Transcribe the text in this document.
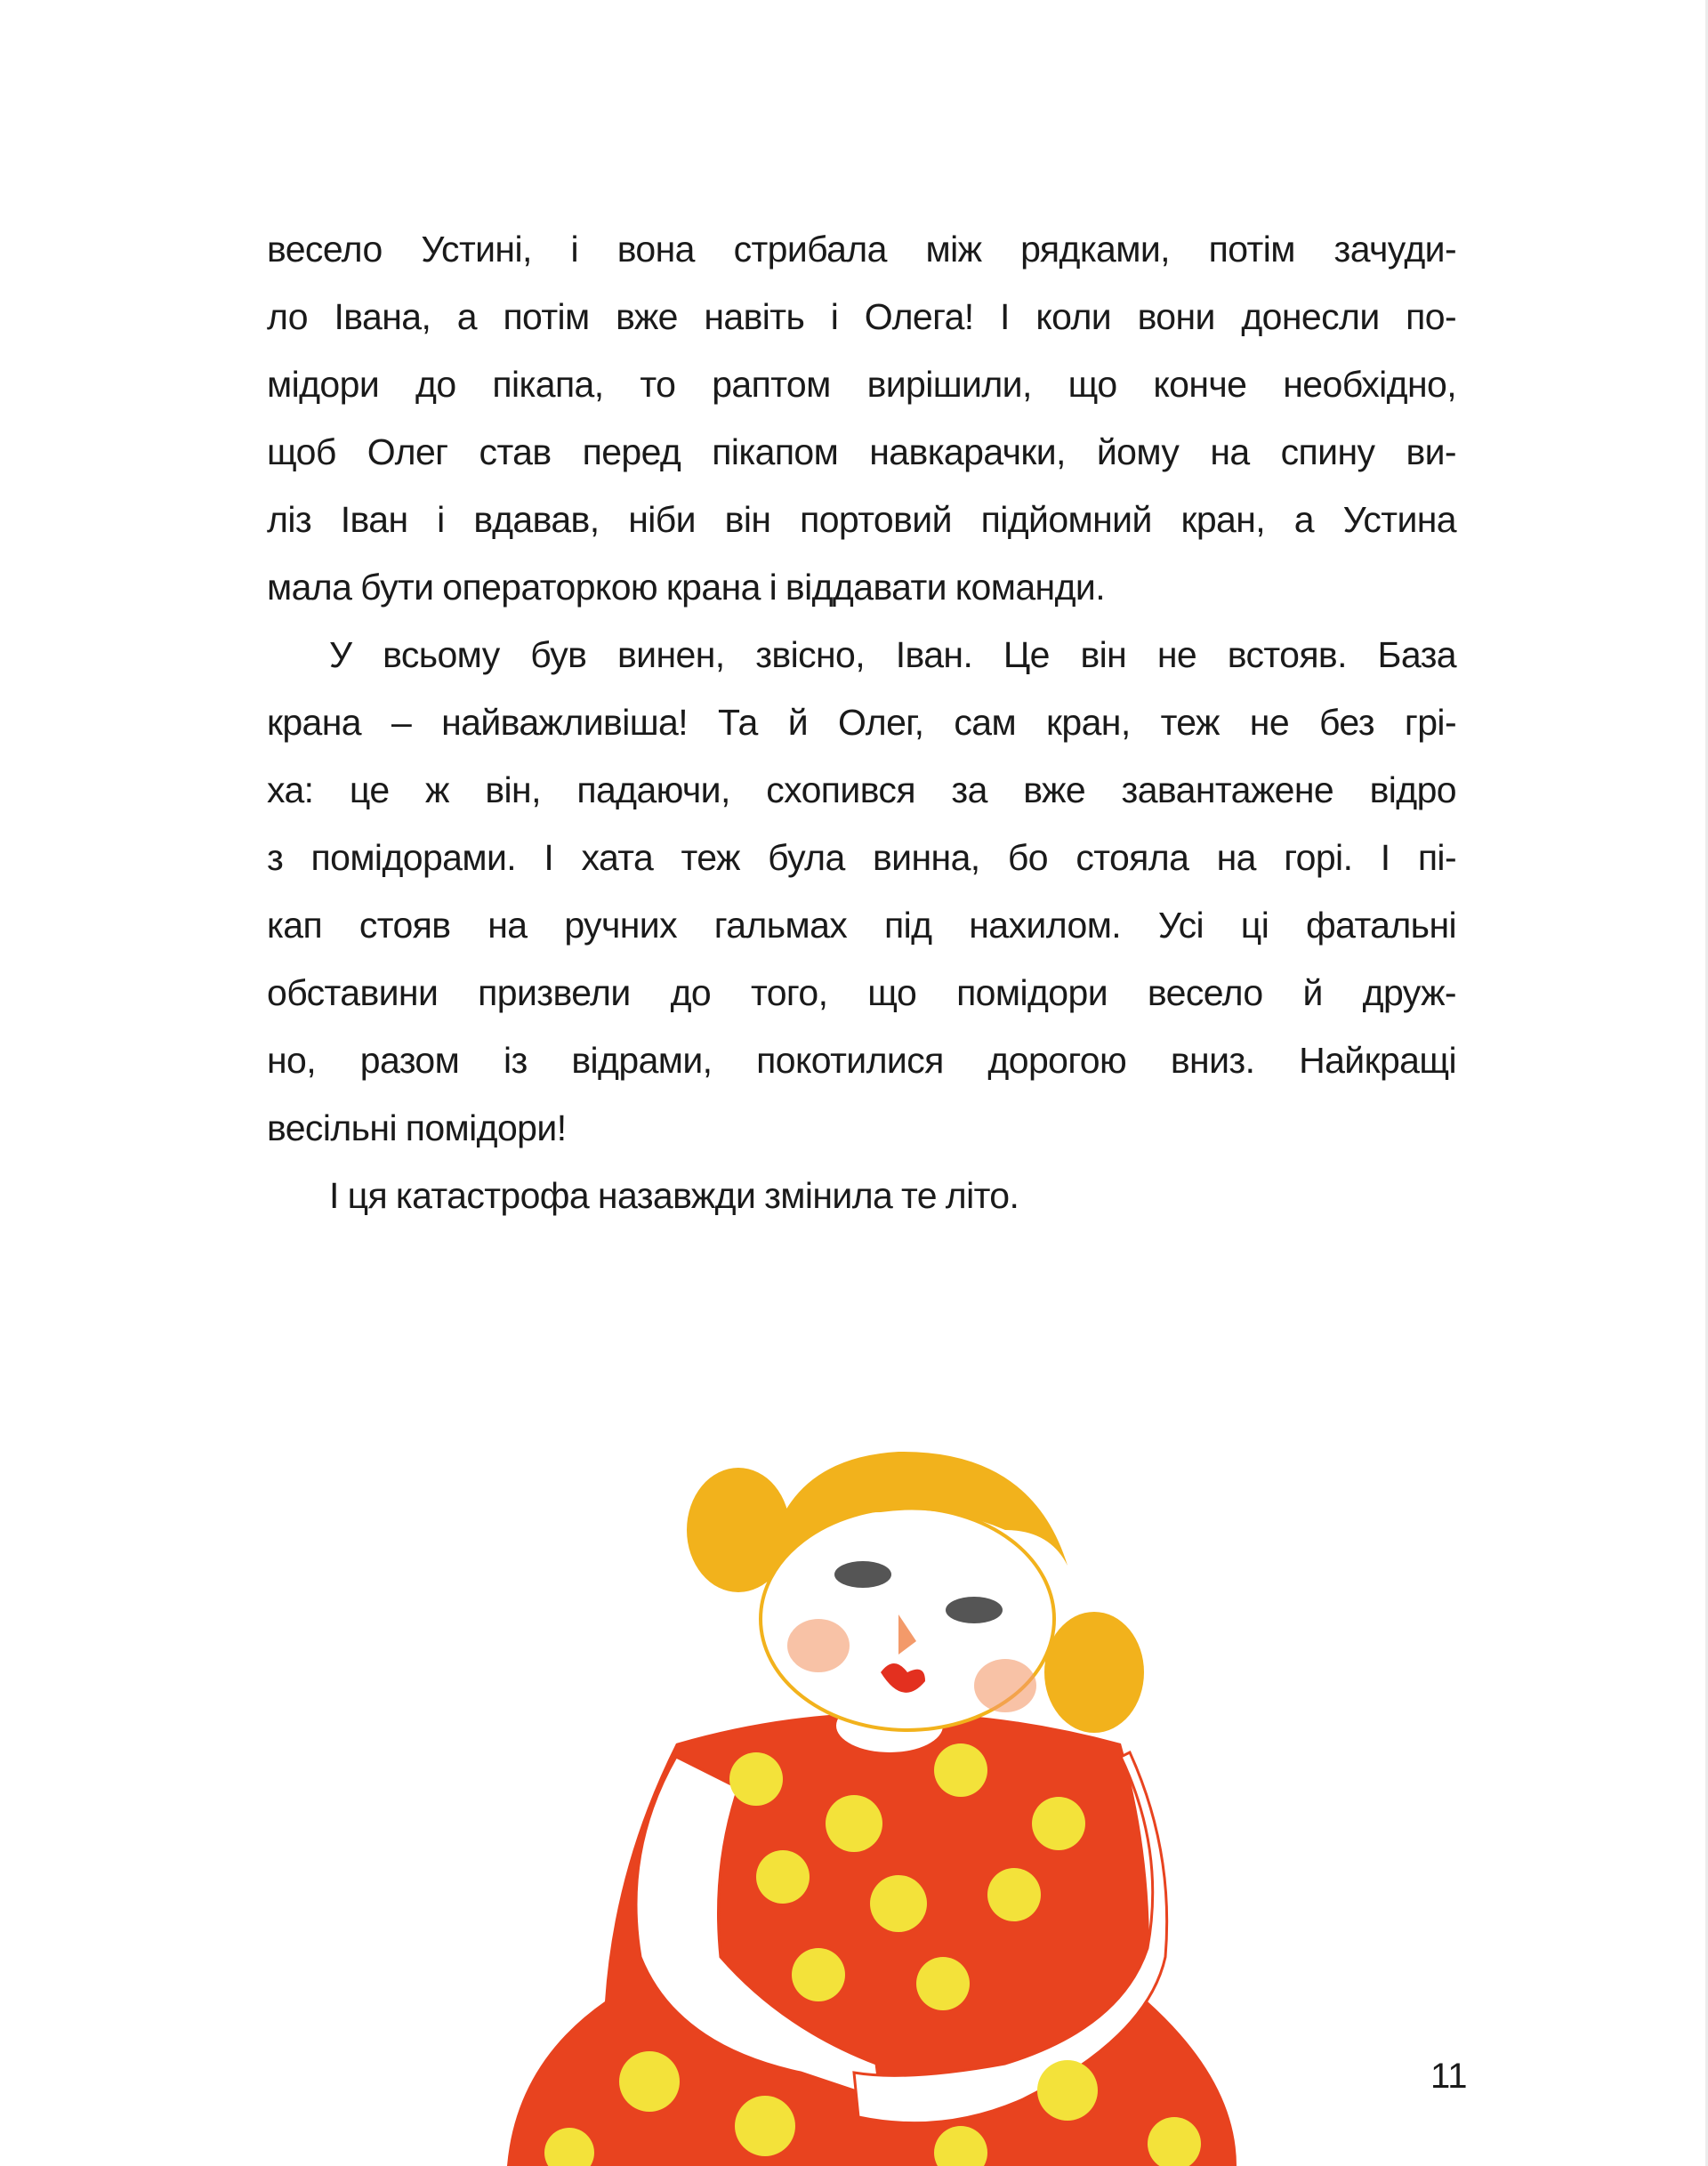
весело Устині, і вона стрибала між рядками, потім зачуди-
ло Івана, а потім вже навіть і Олега! І коли вони донесли по-
мідори до пікапа, то раптом вирішили, що конче необхідно,
щоб Олег став перед пікапом навкарачки, йому на спину ви-
ліз Іван і вдавав, ніби він портовий підйомний кран, а Устина
мала бути операторкою крана і віддавати команди.
У всьому був винен, звісно, Іван. Це він не встояв. База
крана – найважливіша! Та й Олег, сам кран, теж не без грі-
ха: це ж він, падаючи, схопився за вже завантажене відро
з помідорами. І хата теж була винна, бо стояла на горі. І пі-
кап стояв на ручних гальмах під нахилом. Усі ці фатальні
обставини призвели до того, що помідори весело й друж-
но, разом із відрами, покотилися дорогою вниз. Найкращі
весільні помідори!
І ця катастрофа назавжди змінила те літо.
11
